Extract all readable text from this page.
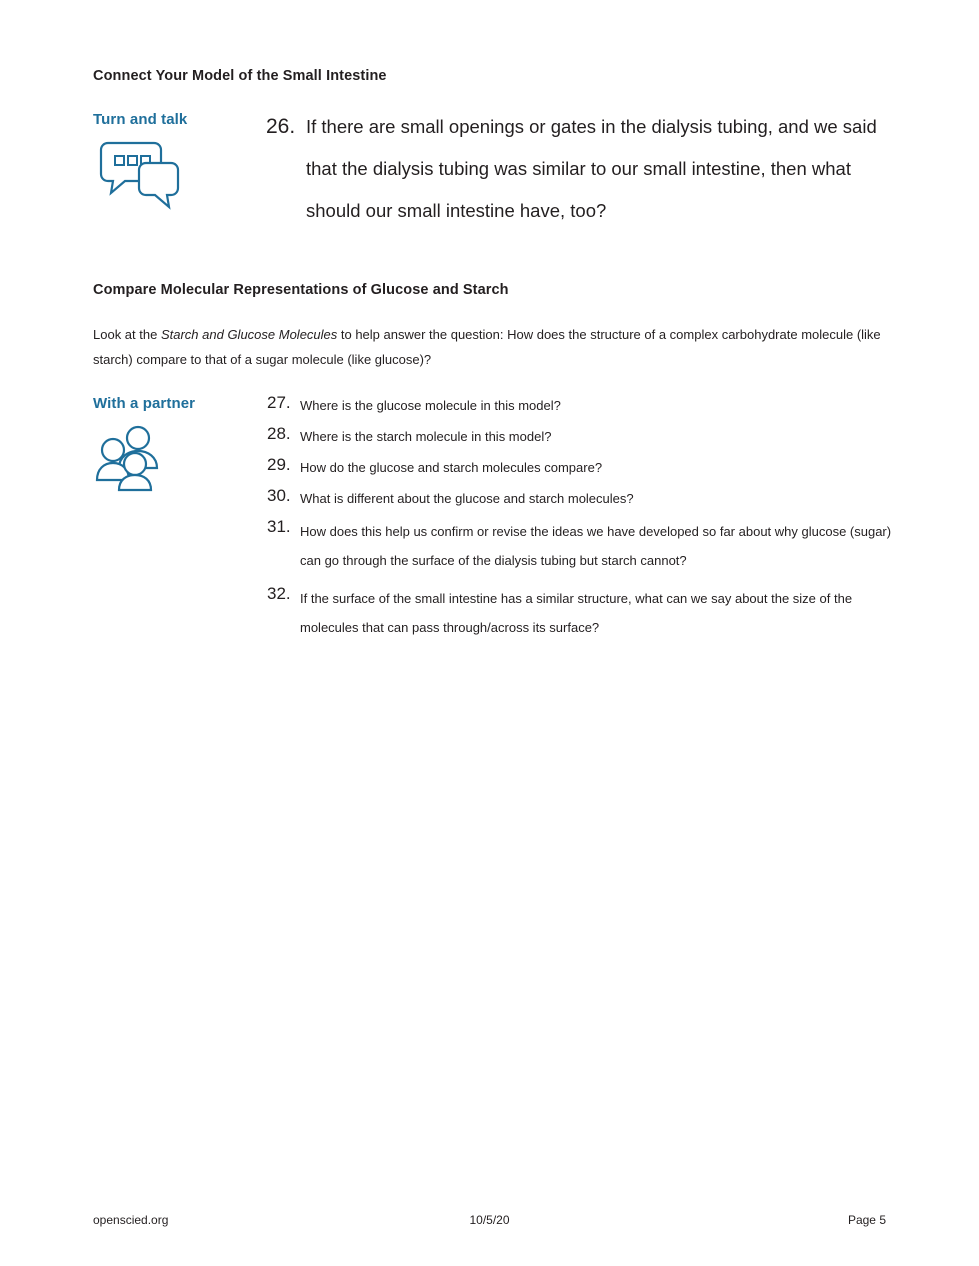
Connect Your Model of the Small Intestine
Turn and talk	26. If there are small openings or gates in the dialysis tubing, and we said that the dialysis tubing was similar to our small intestine, then what should our small intestine have, too?
Compare Molecular Representations of Glucose and Starch
Look at the Starch and Glucose Molecules to help answer the question: How does the structure of a complex carbohydrate molecule (like starch) compare to that of a sugar molecule (like glucose)?
With a partner	27. Where is the glucose molecule in this model?
28. Where is the starch molecule in this model?
29. How do the glucose and starch molecules compare?
30. What is different about the glucose and starch molecules?
31. How does this help us confirm or revise the ideas we have developed so far about why glucose (sugar) can go through the surface of the dialysis tubing but starch cannot?
32. If the surface of the small intestine has a similar structure, what can we say about the size of the molecules that can pass through/across its surface?
openscied.org	10/5/20	Page 5
